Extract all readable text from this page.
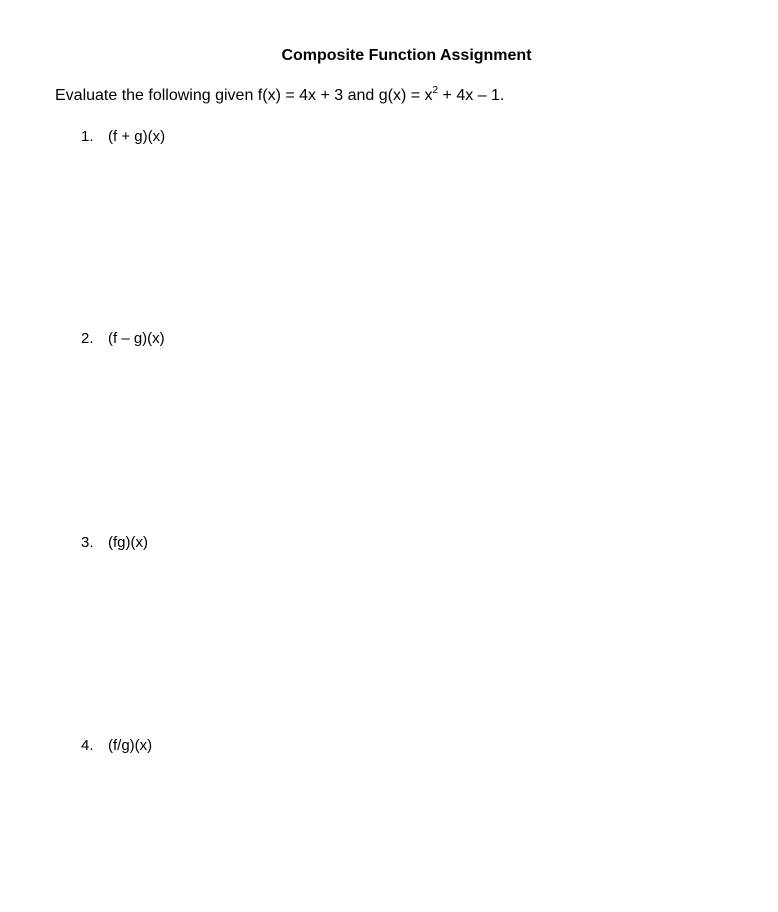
Composite Function Assignment
Evaluate the following given f(x) = 4x + 3 and $g(x) = x^2 + 4x - 1$.
1. (f + g)(x)
2. (f – g)(x)
3. (fg)(x)
4. (f/g)(x)
